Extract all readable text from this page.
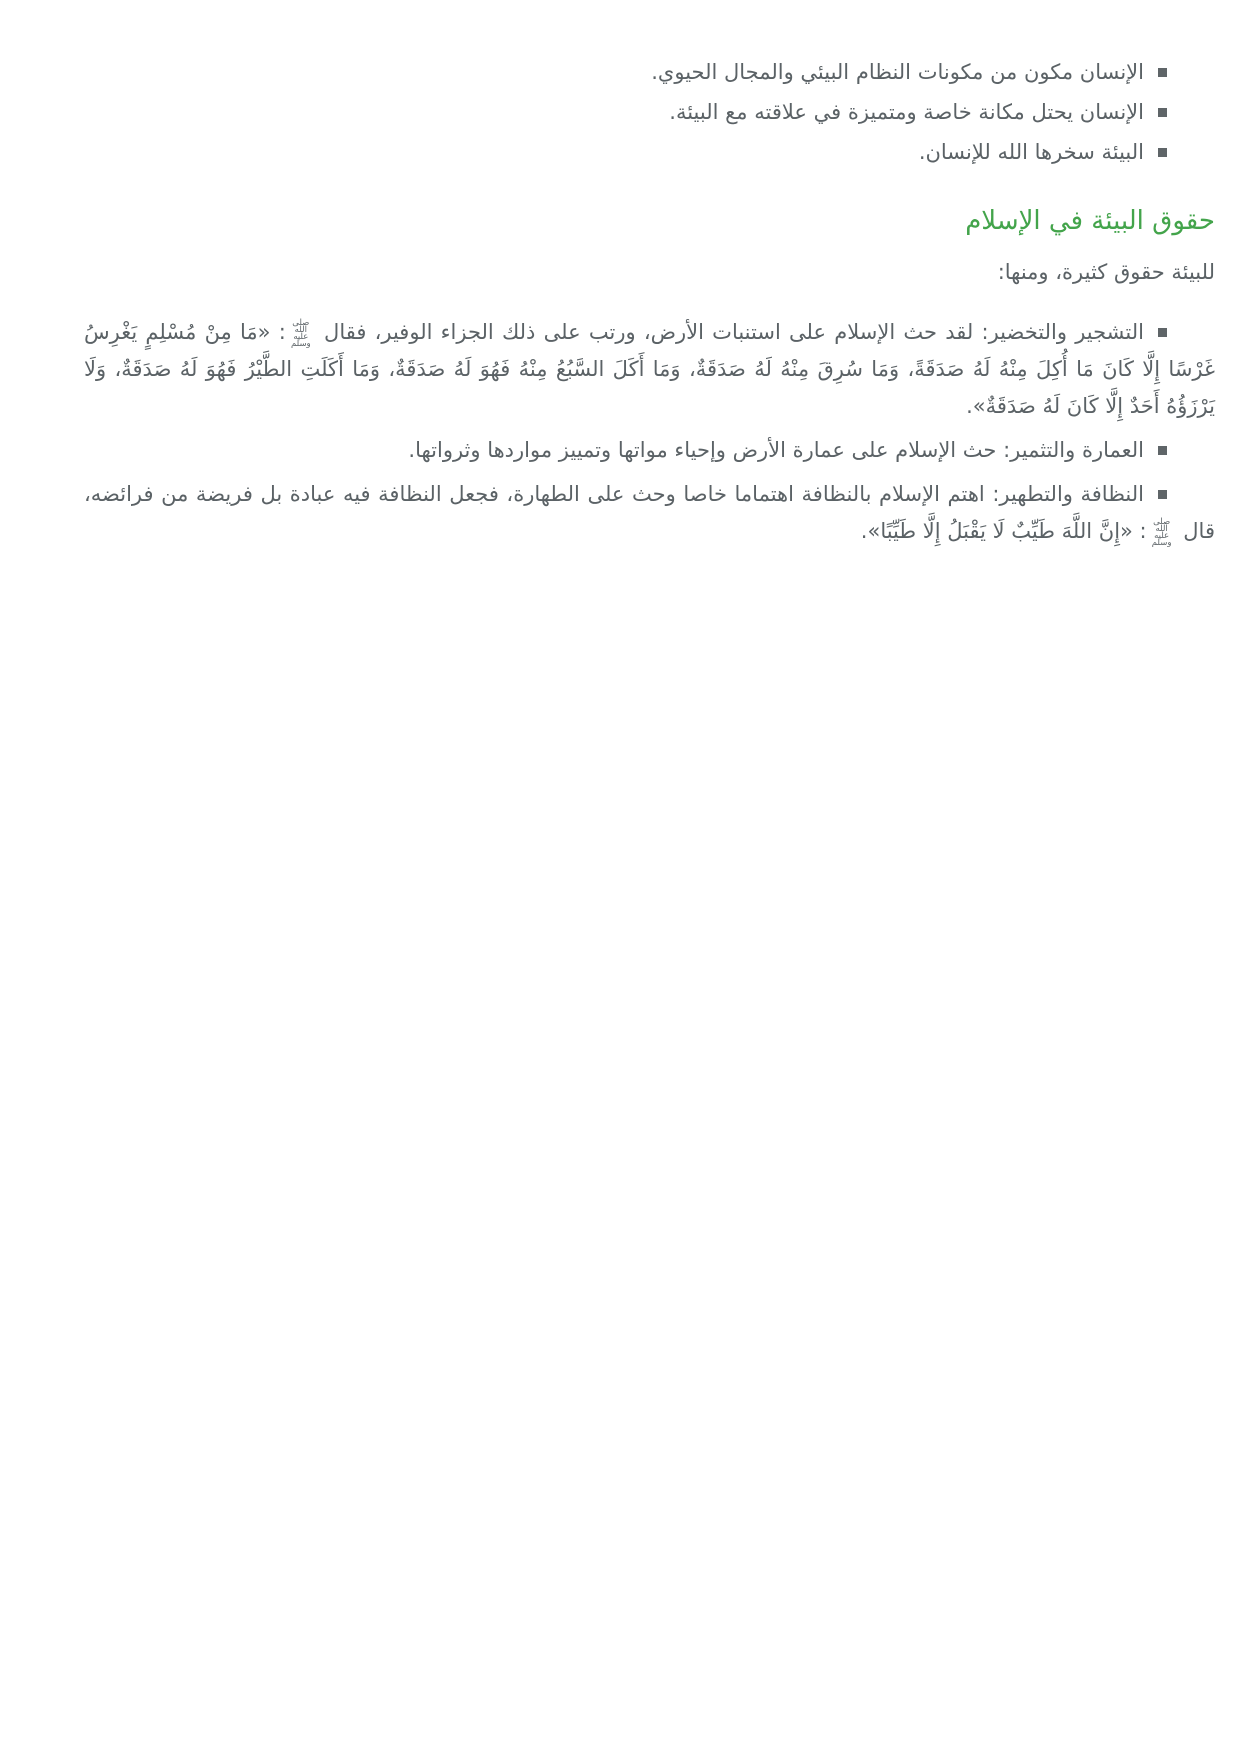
الإنسان مكون من مكونات النظام البيئي والمجال الحيوي.
الإنسان يحتل مكانة خاصة ومتميزة في علاقته مع البيئة.
البيئة سخرها الله للإنسان.
حقوق البيئة في الإسلام

للبيئة حقوق كثيرة، ومنها:

التشجير والتخضير: لقد حث الإسلام على استنبات الأرض، ورتب على ذلك الجزاء الوفير، فقال صلى الله عليه وسلم: «مَا مِنْ مُسْلِمٍ يَغْرِسُ غَرْسًا إِلَّا كَانَ مَا أُكِلَ مِنْهُ لَهُ صَدَقَةً، وَمَا سُرِقَ مِنْهُ لَهُ صَدَقَةٌ، وَمَا أَكَلَ السَّبُعُ مِنْهُ فَهُوَ لَهُ صَدَقَةٌ، وَمَا أَكَلَتِ الطَّيْرُ فَهُوَ لَهُ صَدَقَةٌ، وَلَا يَرْزَؤُهُ أَحَدٌ إِلَّا كَانَ لَهُ صَدَقَةٌ».
العمارة والتثمير: حث الإسلام على عمارة الأرض وإحياء مواتها وتمييز مواردها وثرواتها.
النظافة والتطهير: اهتم الإسلام بالنظافة اهتماما خاصا وحث على الطهارة، فجعل النظافة فيه عبادة بل فريضة من فرائضه، قال صلى الله عليه وسلم: «إِنَّ اللَّهَ طَيِّبٌ لَا يَقْبَلُ إِلَّا طَيِّبًا».
